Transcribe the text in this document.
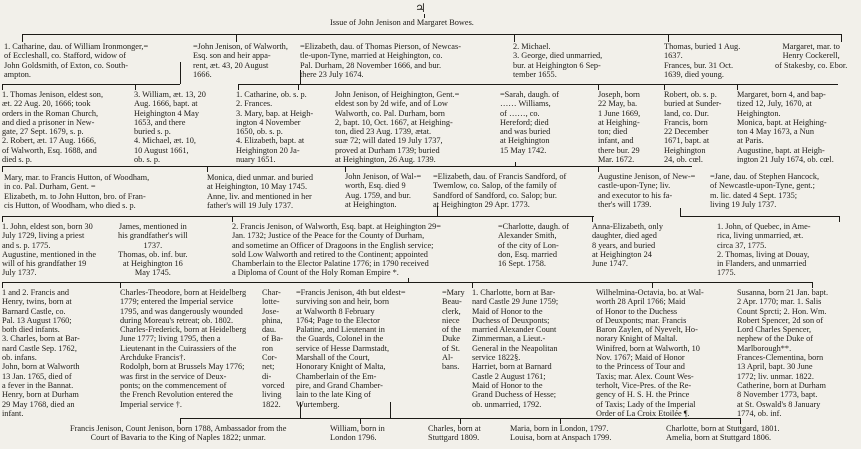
♃
Issue of John Jenison and Margaret Bowes.
1. Catharine, dau. of William Ironmonger,=
of Eccleshall, co. Stafford, widow of
John Goldsmith, of Exton, co. South-
ampton.
=John Jenison, of Walworth,
Esq. son and heir appa-
rent, æt. 43, 20 August
1666.
=Elizabeth, dau. of Thomas Pierson, of Newcas-
tle-upon-Tyne, married at Heighington, co.
Pal. Durham, 28 November 1666, and bur.
there 23 July 1674.
2. Michael.
3. George, died unmarried,
bur. at Heighington 6 Sep-
tember 1655.
Thomas, buried 1 Aug.
1637.
Frances, bur. 31 Oct.
1639, died young.
Margaret, mar. to
Henry Cockerell,
of Stakesby, co. Ebor.
1. Thomas Jenison, eldest son,
æt. 22 Aug. 20, 1666; took
orders in the Roman Church,
and died a prisoner in New-
gate, 27 Sept. 1679, s. p.
2. Robert, æt. 17 Aug. 1666,
of Walworth, Esq. 1688, and
died s. p.
3. William, æt. 13, 20
Aug. 1666, bapt. at
Heighington 4 May
1653, and there
buried s. p.
4. Michael, æt. 10,
10 August 1661,
ob. s. p.
1. Catharine, ob. s. p.
2. Frances.
3. Mary, bap. at Heigh-
ington 4 November
1650, ob. s. p.
4. Elizabeth, bapt. at
Heighington 20 Ja-
nuary 1651.
John Jenison, of Heighington, Gent.=
eldest son by 2d wife, and of Low
Walworth, co. Pal. Durham, born
2, bapt. 10, Oct. 1667, at Heighing-
ton, died 23 Aug. 1739, ætat.
suæ 72; will dated 19 July 1737,
proved at Durham 1739; buried
at Heighington, 26 Aug. 1739.
=Sarah, daugh. of
…… Williams,
of ……, co.
Hereford; died
and was buried
at Heighington
15 May 1742.
Joseph, born
22 May, ba.
1 June 1669,
at Heighing-
ton; died
infant, and
there bur. 29
Mar. 1672.
Robert, ob. s. p.
buried at Sunder-
land, co. Dur.
Francis, born
22 December
1671, bapt. at
Heighington
24, ob. cœl.
Margaret, born 4, and bap-
tized 12, July, 1670, at
Heighington.
Monica, bapt. at Heighing-
ton 4 May 1673, a Nun
at Paris.
Augustine, bapt. at Heigh-
ington 21 July 1674, ob. cœl.
Mary, mar. to Francis Hutton, of Woodham,
in co. Pal. Durham, Gent. =
Elizabeth, m. to John Hutton, bro. of Fran-
cis Hutton, of Woodham, who died s. p.
Monica, died unmar. and buried
at Heighington, 10 May 1745.
Anne, liv. and mentioned in her
father's will 19 July 1737.
John Jenison, of Wal-=
worth, Esq. died 9
Aug. 1759, and bur.
at Heighington.
=Elizabeth, dau. of Francis Sandford, of
Twemlow, co. Salop, of the family of
Sandford of Sandford, co. Salop; bur.
at Heighington 29 Apr. 1773.
Augustine Jenison, of New-=
castle-upon-Tyne; liv.
and executor to his fa-
ther's will 1739.
=Jane, dau. of Stephen Hancock,
of Newcastle-upon-Tyne, gent.;
m. lic. dated 4 Sept. 1735;
living 19 July 1737.
1. John, eldest son, born 30
July 1729, living a priest
and s. p. 1775.
Augustine, mentioned in the
will of his grandfather 19
July 1737.
James, mentioned in
his grandfather's will
1737.
Thomas, ob. inf. bur.
at Heighington 16
May 1745.
2. Francis Jenison, of Walworth, Esq. bapt. at Heighington 29=
Jan. 1732; Justice of the Peace for the County of Durham,
and sometime an Officer of Dragoons in the English service;
sold Low Walworth and retired to the Continent; appointed
Chamberlain to the Elector Palatine 1776; in 1790 received
a Diploma of Count of the Holy Roman Empire *.
=Charlotte, daugh. of
Alexander Smith,
of the city of Lon-
don, Esq. married
16 Sept. 1758.
Anna-Elizabeth, only
daughter, died aged
8 years, and buried
at Heighington 24
June 1747.
1. John, of Quebec, in Ame-
rica, living unmarried, æt.
circa 37, 1775.
2. Thomas, living at Douay,
in Flanders, and unmarried
1775.
1 and 2. Francis and
Henry, twins, born at
Barnard Castle, co.
Pal. 13 August 1760;
both died infants.
3. Charles, born at Bar-
nard Castle Sep. 1762,
ob. infans.
John, born at Walworth
13 Jan. 1765, died of
a fever in the Bannat.
Henry, born at Durham
29 May 1768, died an
infant.
Charles-Theodore, born at Heidelberg
1779; entered the Imperial service
1795, and was dangerously wounded
during Moreau's retreat; ob. 1802.
Charles-Frederick, born at Heidelberg
June 1777; living 1795, then a
Lieutenant in the Cuirassiers of the
Archduke Francis†.
Rodolph, born at Brussels May 1776;
was first in the service of Deux-
ponts; on the commencement of
the French Revolution entered the
Imperial service †.
Char-
lotte-
Jose-
phina,
dau.
of Ba-
ron
Cor-
net;
di-
vorced
living
1822.
=Francis Jenison, 4th but eldest=
surviving son and heir, born
at Walworth 8 February
1764; Page to the Elector
Palatine, and Lieutenant in
the Guards, Colonel in the
service of Hesse Darmstadt,
Marshall of the Court,
Honorary Knight of Malta,
Chamberlain of the Em-
pire, and Grand Chamber-
lain to the late King of
Wurtemberg.
=Mary
Beau-
clerk,
niece
of the
Duke
of St.
Al-
bans.
1. Charlotte, born at Bar-
nard Castle 29 June 1759;
Maid of Honor to the
Duchess of Deuxponts;
married Alexander Count
Zimmerman, a Lieut.-
General in the Neapolitan
service 1822§.
Harriet, born at Barnard
Castle 2 August 1761;
Maid of Honor to the
Grand Duchess of Hesse;
ob. unmarried, 1792.
Wilhelmina-Octavia, bo. at Wal-
worth 28 April 1766; Maid
of Honor to the Duchess
of Deuxponts; mar. Francis
Baron Zaylen, of Nyevelt, Ho-
norary Knight of Malta‖.
Winifred, born at Walworth, 10
Nov. 1767; Maid of Honor
to the Princess of Tour and
Taxis; mar. Alex. Count Wes-
terholt, Vice-Pres. of the Re-
gency of H. S. H. the Prince
of Taxis; Lady of the Imperial
Order of La Croix Etoilée ¶.
Susanna, born 21 Jan. bapt.
2 Apr. 1770; mar. 1. Salis
Count Sprcti; 2. Hon. Wm.
Robert Spencer, 2d son of
Lord Charles Spencer,
nephew of the Duke of
Marlborough**.
Frances-Clementina, born
13 April, bapt. 30 June
1772; liv. unmar. 1822.
Catherine, born at Durham
8 November 1773, bapt.
at St. Oswald's 8 January
1774, ob. inf.
Francis Jenison, Count Jenison, born 1788, Ambassador from the
Court of Bavaria to the King of Naples 1822; unmar.
William, born in
London 1796.
Charles, born at
Stuttgard 1809.
Maria, born in London, 1797.
Louisa, born at Anspach 1799.
Charlotte, born at Stuttgard, 1801.
Amelia, born at Stuttgard 1806.
